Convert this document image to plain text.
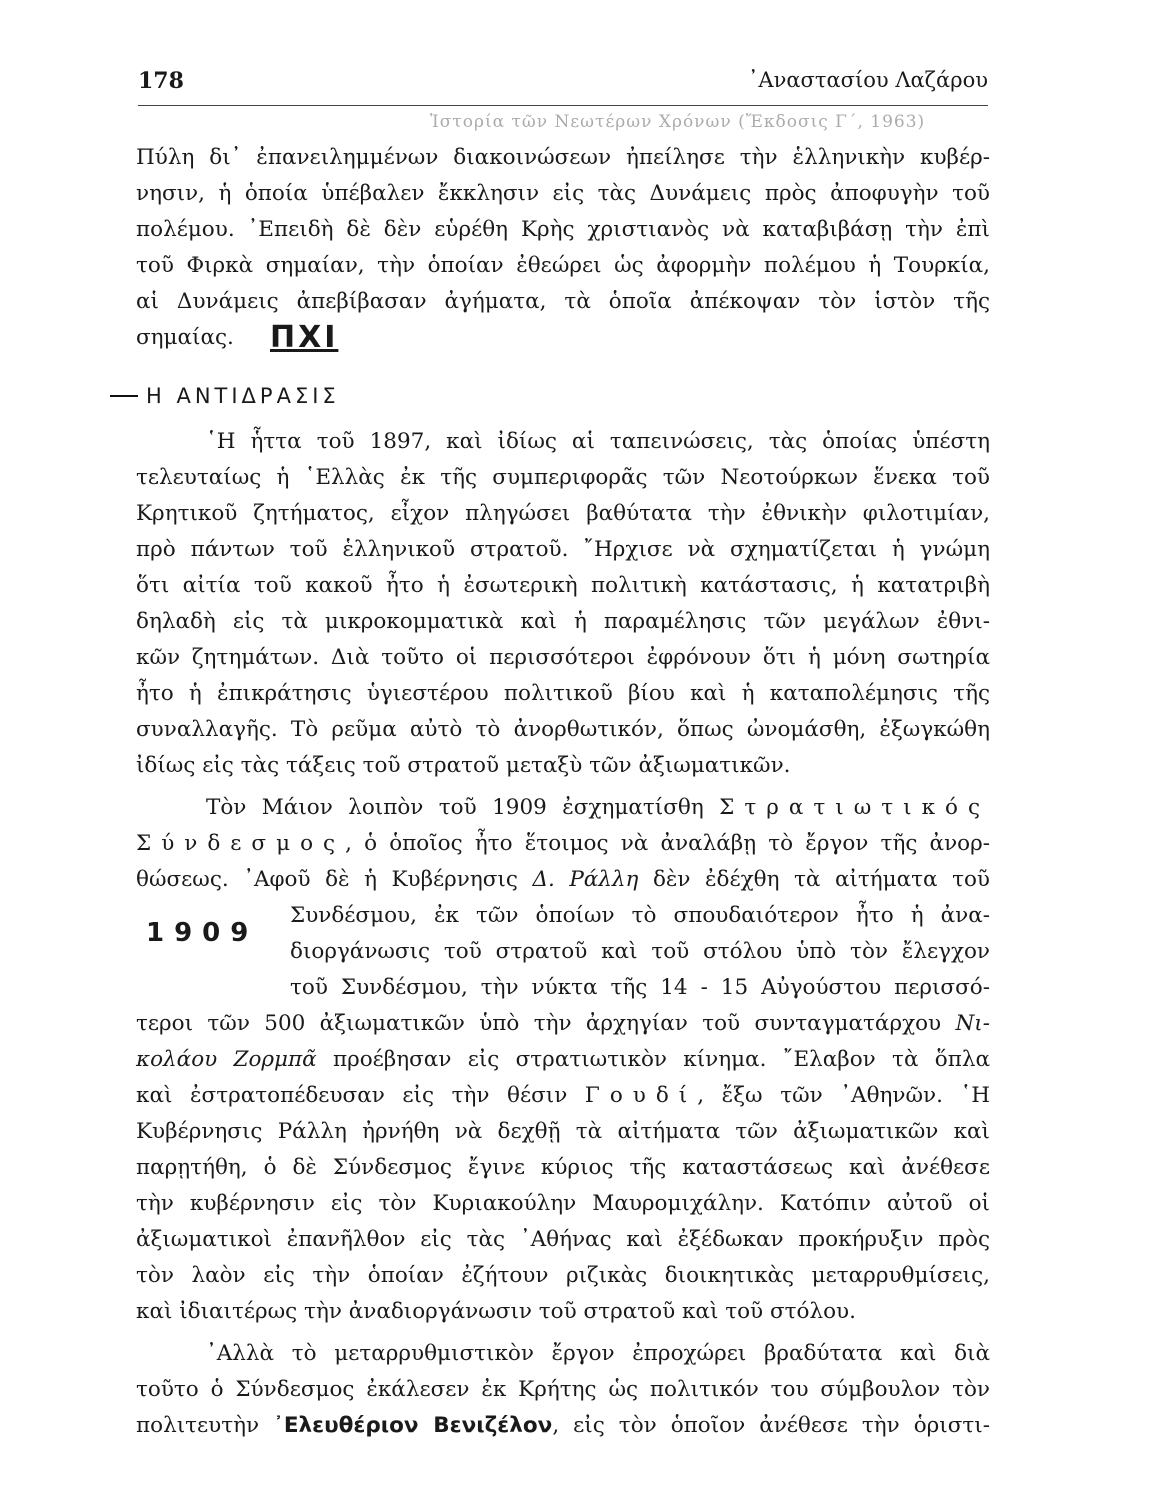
178	᾿Αναστασίου Λαζάρου
Ἱστορία τῶν Νεωτέρων Χρόνων (Ἔκδοσις Γ΄, 1963)
Πύλη δι᾿ ἐπανειλημμένων διακοινώσεων ἠπείλησε τὴν ἑλληνικὴν κυβέρ-
νησιν, ἡ ὁποία ὑπέβαλεν ἔκκλησιν εἰς τὰς Δυνάμεις πρὸς ἀποφυγὴν τοῦ
πολέμου. ᾿Επειδὴ δὲ δὲν εὑρέθη Κρὴς χριστιανὸς νὰ καταβιβάσῃ τὴν ἐπὶ
τοῦ Φιρκὰ σημαίαν, τὴν ὁποίαν ἐθεώρει ὡς ἀφορμὴν πολέμου ἡ Τουρκία,
αἱ Δυνάμεις ἀπεβίβασαν ἀγήματα, τὰ ὁποῖα ἀπέκοψαν τὸν ἱστὸν τῆς
σημαίας.	ΠΧΙ
Η ΑΝΤΙΔΡΑΣΙΣ
῾Η ἧττα τοῦ 1897, καὶ ἰδίως αἱ ταπεινώσεις, τὰς ὁποίας ὑπέστη
τελευταίως ἡ ῾Ελλὰς ἐκ τῆς συμπεριφορᾶς τῶν Νεοτούρκων ἕνεκα τοῦ
Κρητικοῦ ζητήματος, εἶχον πληγώσει βαθύτατα τὴν ἐθνικὴν φιλοτιμίαν,
πρὸ πάντων τοῦ ἑλληνικοῦ στρατοῦ. ῎Ηρχισε νὰ σχηματίζεται ἡ γνώμη
ὅτι αἰτία τοῦ κακοῦ ἦτο ἡ ἐσωτερικὴ πολιτικὴ κατάστασις, ἡ κατατριβὴ
δηλαδὴ εἰς τὰ μικροκομματικὰ καὶ ἡ παραμέλησις τῶν μεγάλων ἐθνι-
κῶν ζητημάτων. Διὰ τοῦτο οἱ περισσότεροι ἐφρόνουν ὅτι ἡ μόνη σωτηρία
ἦτο ἡ ἐπικράτησις ὑγιεστέρου πολιτικοῦ βίου καὶ ἡ καταπολέμησις τῆς
συναλλαγῆς. Τὸ ρεῦμα αὐτὸ τὸ ἀνορθωτικόν, ὅπως ὠνομάσθη, ἐξωγκώθη
ἰδίως εἰς τὰς τάξεις τοῦ στρατοῦ μεταξὺ τῶν ἀξιωματικῶν.
Τὸν Μάιον λοιπὸν τοῦ 1909 ἐσχηματίσθη Στρατιωτικός
Σύνδεσμος, ὁ ὁποῖος ἦτο ἕτοιμος νὰ ἀναλάβῃ τὸ ἔργον τῆς ἀνορ-
θώσεως. ᾿Αφοῦ δὲ ἡ Κυβέρνησις Δ. Ράλλη δὲν ἐδέχθη τὰ αἰτήματα τοῦ
Συνδέσμου, ἐκ τῶν ὁποίων τὸ σπουδαιότερον ἦτο ἡ ἀνα-
διοργάνωσις τοῦ στρατοῦ καὶ τοῦ στόλου ὑπὸ τὸν ἔλεγχον
τοῦ Συνδέσμου, τὴν νύκτα τῆς 14 - 15 Αὐγούστου περισσό-
1909
τεροι τῶν 500 ἀξιωματικῶν ὑπὸ τὴν ἀρχηγίαν τοῦ συνταγματάρχου Νι-
κολάου Ζορμπᾶ προέβησαν εἰς στρατιωτικὸν κίνημα. ῎Ελαβον τὰ ὅπλα
καὶ ἐστρατοπέδευσαν εἰς τὴν θέσιν Γουδί, ἔξω τῶν ᾿Αθηνῶν. ῾Η
Κυβέρνησις Ράλλη ἠρνήθη νὰ δεχθῇ τὰ αἰτήματα τῶν ἀξιωματικῶν καὶ
παρῃτήθη, ὁ δὲ Σύνδεσμος ἔγινε κύριος τῆς καταστάσεως καὶ ἀνέθεσε
τὴν κυβέρνησιν εἰς τὸν Κυριακούλην Μαυρομιχάλην. Κατόπιν αὐτοῦ οἱ
ἀξιωματικοὶ ἐπανῆλθον εἰς τὰς ᾿Αθήνας καὶ ἐξέδωκαν προκήρυξιν πρὸς
τὸν λαὸν εἰς τὴν ὁποίαν ἐζήτουν ριζικὰς διοικητικὰς μεταρρυθμίσεις,
καὶ ἰδιαιτέρως τὴν ἀναδιοργάνωσιν τοῦ στρατοῦ καὶ τοῦ στόλου.
᾿Αλλὰ τὸ μεταρρυθμιστικὸν ἔργον ἐπροχώρει βραδύτατα καὶ διὰ
τοῦτο ὁ Σύνδεσμος ἐκάλεσεν ἐκ Κρήτης ὡς πολιτικόν του σύμβουλον τὸν
πολιτευτὴν ᾿Ελευθέριον Βενιζέλον, εἰς τὸν ὁποῖον ἀνέθεσε τὴν ὁριστι-
